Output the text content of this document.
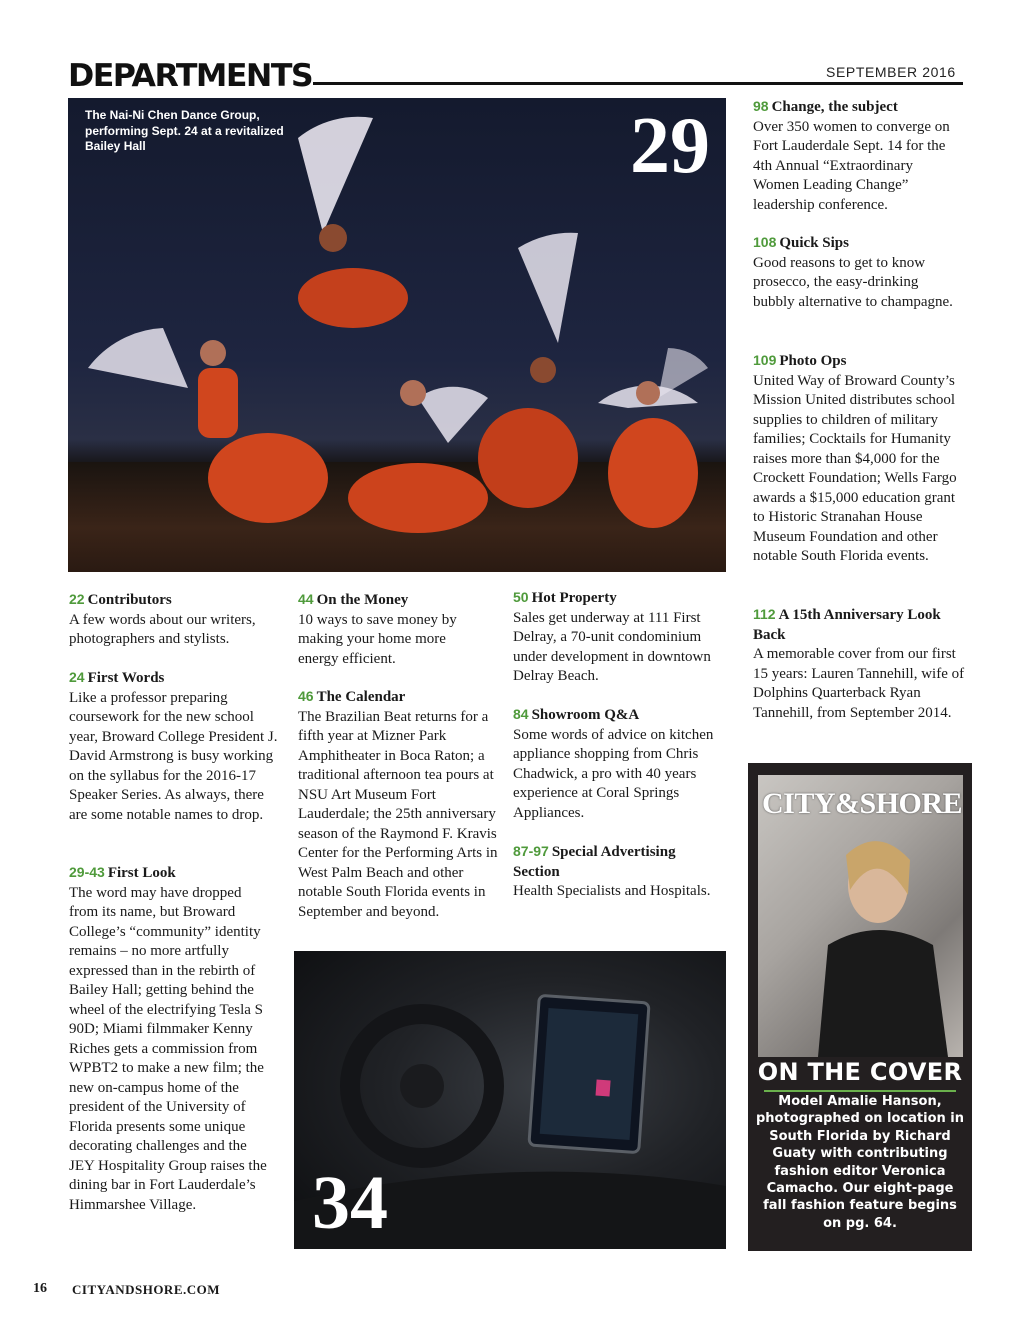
DEPARTMENTS	SEPTEMBER 2016
The Nai-Ni Chen Dance Group, performing Sept. 24 at a revitalized Bailey Hall	29
22 Contributors
A few words about our writers, photographers and stylists.
24 First Words
Like a professor preparing coursework for the new school year, Broward College President J. David Armstrong is busy working on the syllabus for the 2016-17 Speaker Series. As always, there are some notable names to drop.
29-43 First Look
The word may have dropped from its name, but Broward College’s “community” identity remains – no more artfully expressed than in the rebirth of Bailey Hall; getting behind the wheel of the electrifying Tesla S 90D; Miami filmmaker Kenny Riches gets a commission from WPBT2 to make a new film; the new on-campus home of the president of the University of Florida presents some unique decorating challenges and the JEY Hospitality Group raises the dining bar in Fort Lauderdale’s Himmarshee Village.
44 On the Money
10 ways to save money by making your home more energy efficient.
46 The Calendar
The Brazilian Beat returns for a fifth year at Mizner Park Amphitheater in Boca Raton; a traditional afternoon tea pours at NSU Art Museum Fort Lauderdale; the 25th anniversary season of the Raymond F. Kravis Center for the Performing Arts in West Palm Beach and other notable South Florida events in September and beyond.
50 Hot Property
Sales get underway at 111 First Delray, a 70-unit condominium under development in downtown Delray Beach.
84 Showroom Q&A
Some words of advice on kitchen appliance shopping from Chris Chadwick, a pro with 40 years experience at Coral Springs Appliances.
87-97 Special Advertising Section
Health Specialists and Hospitals.
98 Change, the subject
Over 350 women to converge on Fort Lauderdale Sept. 14 for the 4th Annual “Extraordinary Women Leading Change” leadership conference.
108 Quick Sips
Good reasons to get to know prosecco, the easy-drinking bubbly alternative to champagne.
109 Photo Ops
United Way of Broward County’s Mission United distributes school supplies to children of military families; Cocktails for Humanity raises more than $4,000 for the Crockett Foundation; Wells Fargo awards a $15,000 education grant to Historic Stranahan House Museum Foundation and other notable South Florida events.
112 A 15th Anniversary Look Back
A memorable cover from our first 15 years: Lauren Tannehill, wife of Dolphins Quarterback Ryan Tannehill, from September 2014.
34
CITY&SHORE
ON THE COVER
Model Amalie Hanson, photographed on location in South Florida by Richard Guaty with contributing fashion editor Veronica Camacho. Our eight-page fall fashion feature begins on pg. 64.
16 CITYANDSHORE.COM
